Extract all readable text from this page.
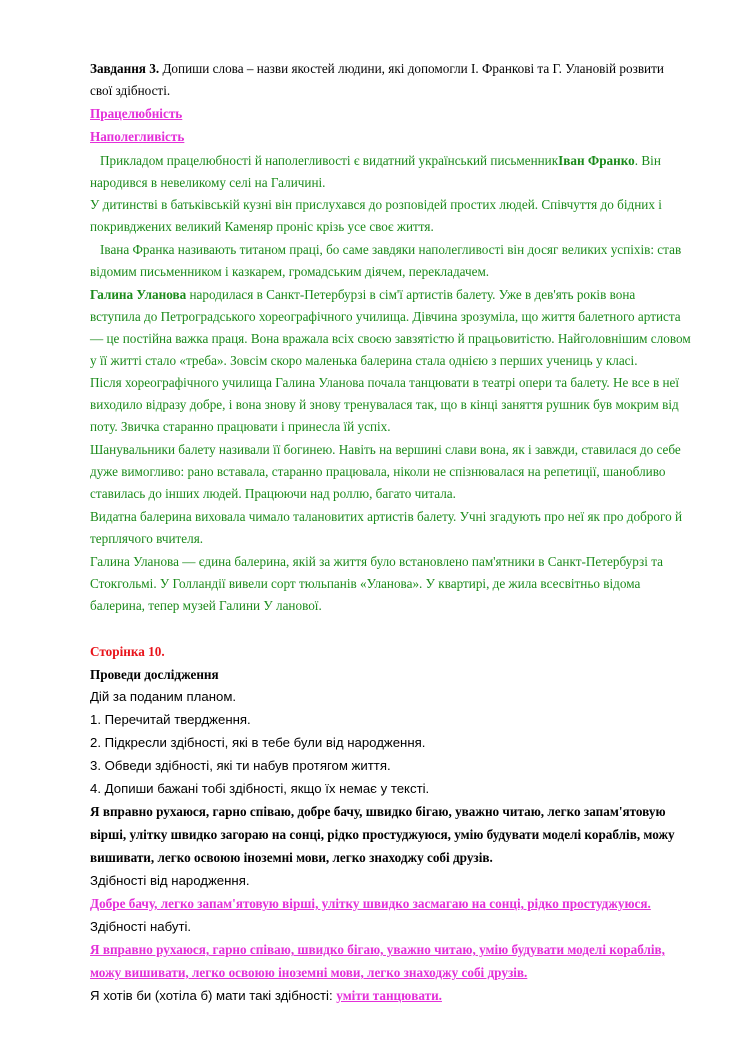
Завдання 3. Допиши слова – назви якостей людини, які допомогли І. Франкові та Г. Улановій розвити
свої здібності.
Працелюбність
Наполегливість
Прикладом працелюбності й наполегливості є видатний український письменникІван Франко. Він
народився в невеликому селі на Галичині.
У дитинстві в батьківській кузні він прислухався до розповідей простих людей. Співчуття до бідних і
покривджених великий Каменяр проніс крізь усе своє життя.
Івана Франка називають титаном праці, бо саме завдяки наполегливості він досяг великих успіхів: став
відомим письменником і казкарем, громадським діячем, перекладачем.
Галина Уланова народилася в Санкт-Петербурзі в сім'ї артистів балету. Уже в дев'ять років вона
вступила до Петроградського хореографічного училища. Дівчина зрозуміла, що життя балетного артиста
— це постійна важка праця. Вона вражала всіх своєю завзятістю й працьовитістю. Найголовнішим словом
у її житті стало «треба». Зовсім скоро маленька балерина стала однією з перших учениць у класі.
Після хореографічного училища Галина Уланова почала танцювати в театрі опери та балету. Не все в неї
виходило відразу добре, і вона знову й знову тренувалася так, що в кінці заняття рушник був мокрим від
поту. Звичка старанно працювати і принесла їй успіх.
Шанувальники балету називали її богинею. Навіть на вершині слави вона, як і завжди, ставилася до себе
дуже вимогливо: рано вставала, старанно працювала, ніколи не спізнювалася на репетиції, шанобливо
ставилась до інших людей. Працюючи над роллю, багато читала.
Видатна балерина виховала чимало талановитих артистів балету. Учні згадують про неї як про доброго й
терплячого вчителя.
Галина Уланова — єдина балерина, якій за життя було встановлено пам'ятники в Санкт-Петербурзі та
Стокгольмі. У Голландії вивели сорт тюльпанів «Уланова». У квартирі, де жила всесвітньо відома
балерина, тепер музей Галини У ланової.
Сторінка 10.
Проведи дослідження
Дій за поданим планом.
1. Перечитай твердження.
2. Підкресли здібності, які в тебе були від народження.
3. Обведи здібності, які ти набув протягом життя.
4. Допиши бажані тобі здібності, якщо їх немає у тексті.
Я вправно рухаюся, гарно співаю, добре бачу, швидко бігаю, уважно читаю, легко запам'ятовую
вірші, улітку швидко загораю на сонці, рідко простуджуюся, умію будувати моделі кораблів, можу
вишивати, легко освоюю іноземні мови, легко знаходжу собі друзів.
Здібності від народження.
Добре бачу, легко запам'ятовую вірші, улітку швидко засмагаю на сонці, рідко простуджуюся.
Здібності набуті.
Я вправно рухаюся, гарно співаю, швидко бігаю, уважно читаю, умію будувати моделі кораблів,
можу вишивати, легко освоюю іноземні мови, легко знаходжу собі друзів.
Я хотів би (хотіла б) мати такі здібності: уміти танцювати.
